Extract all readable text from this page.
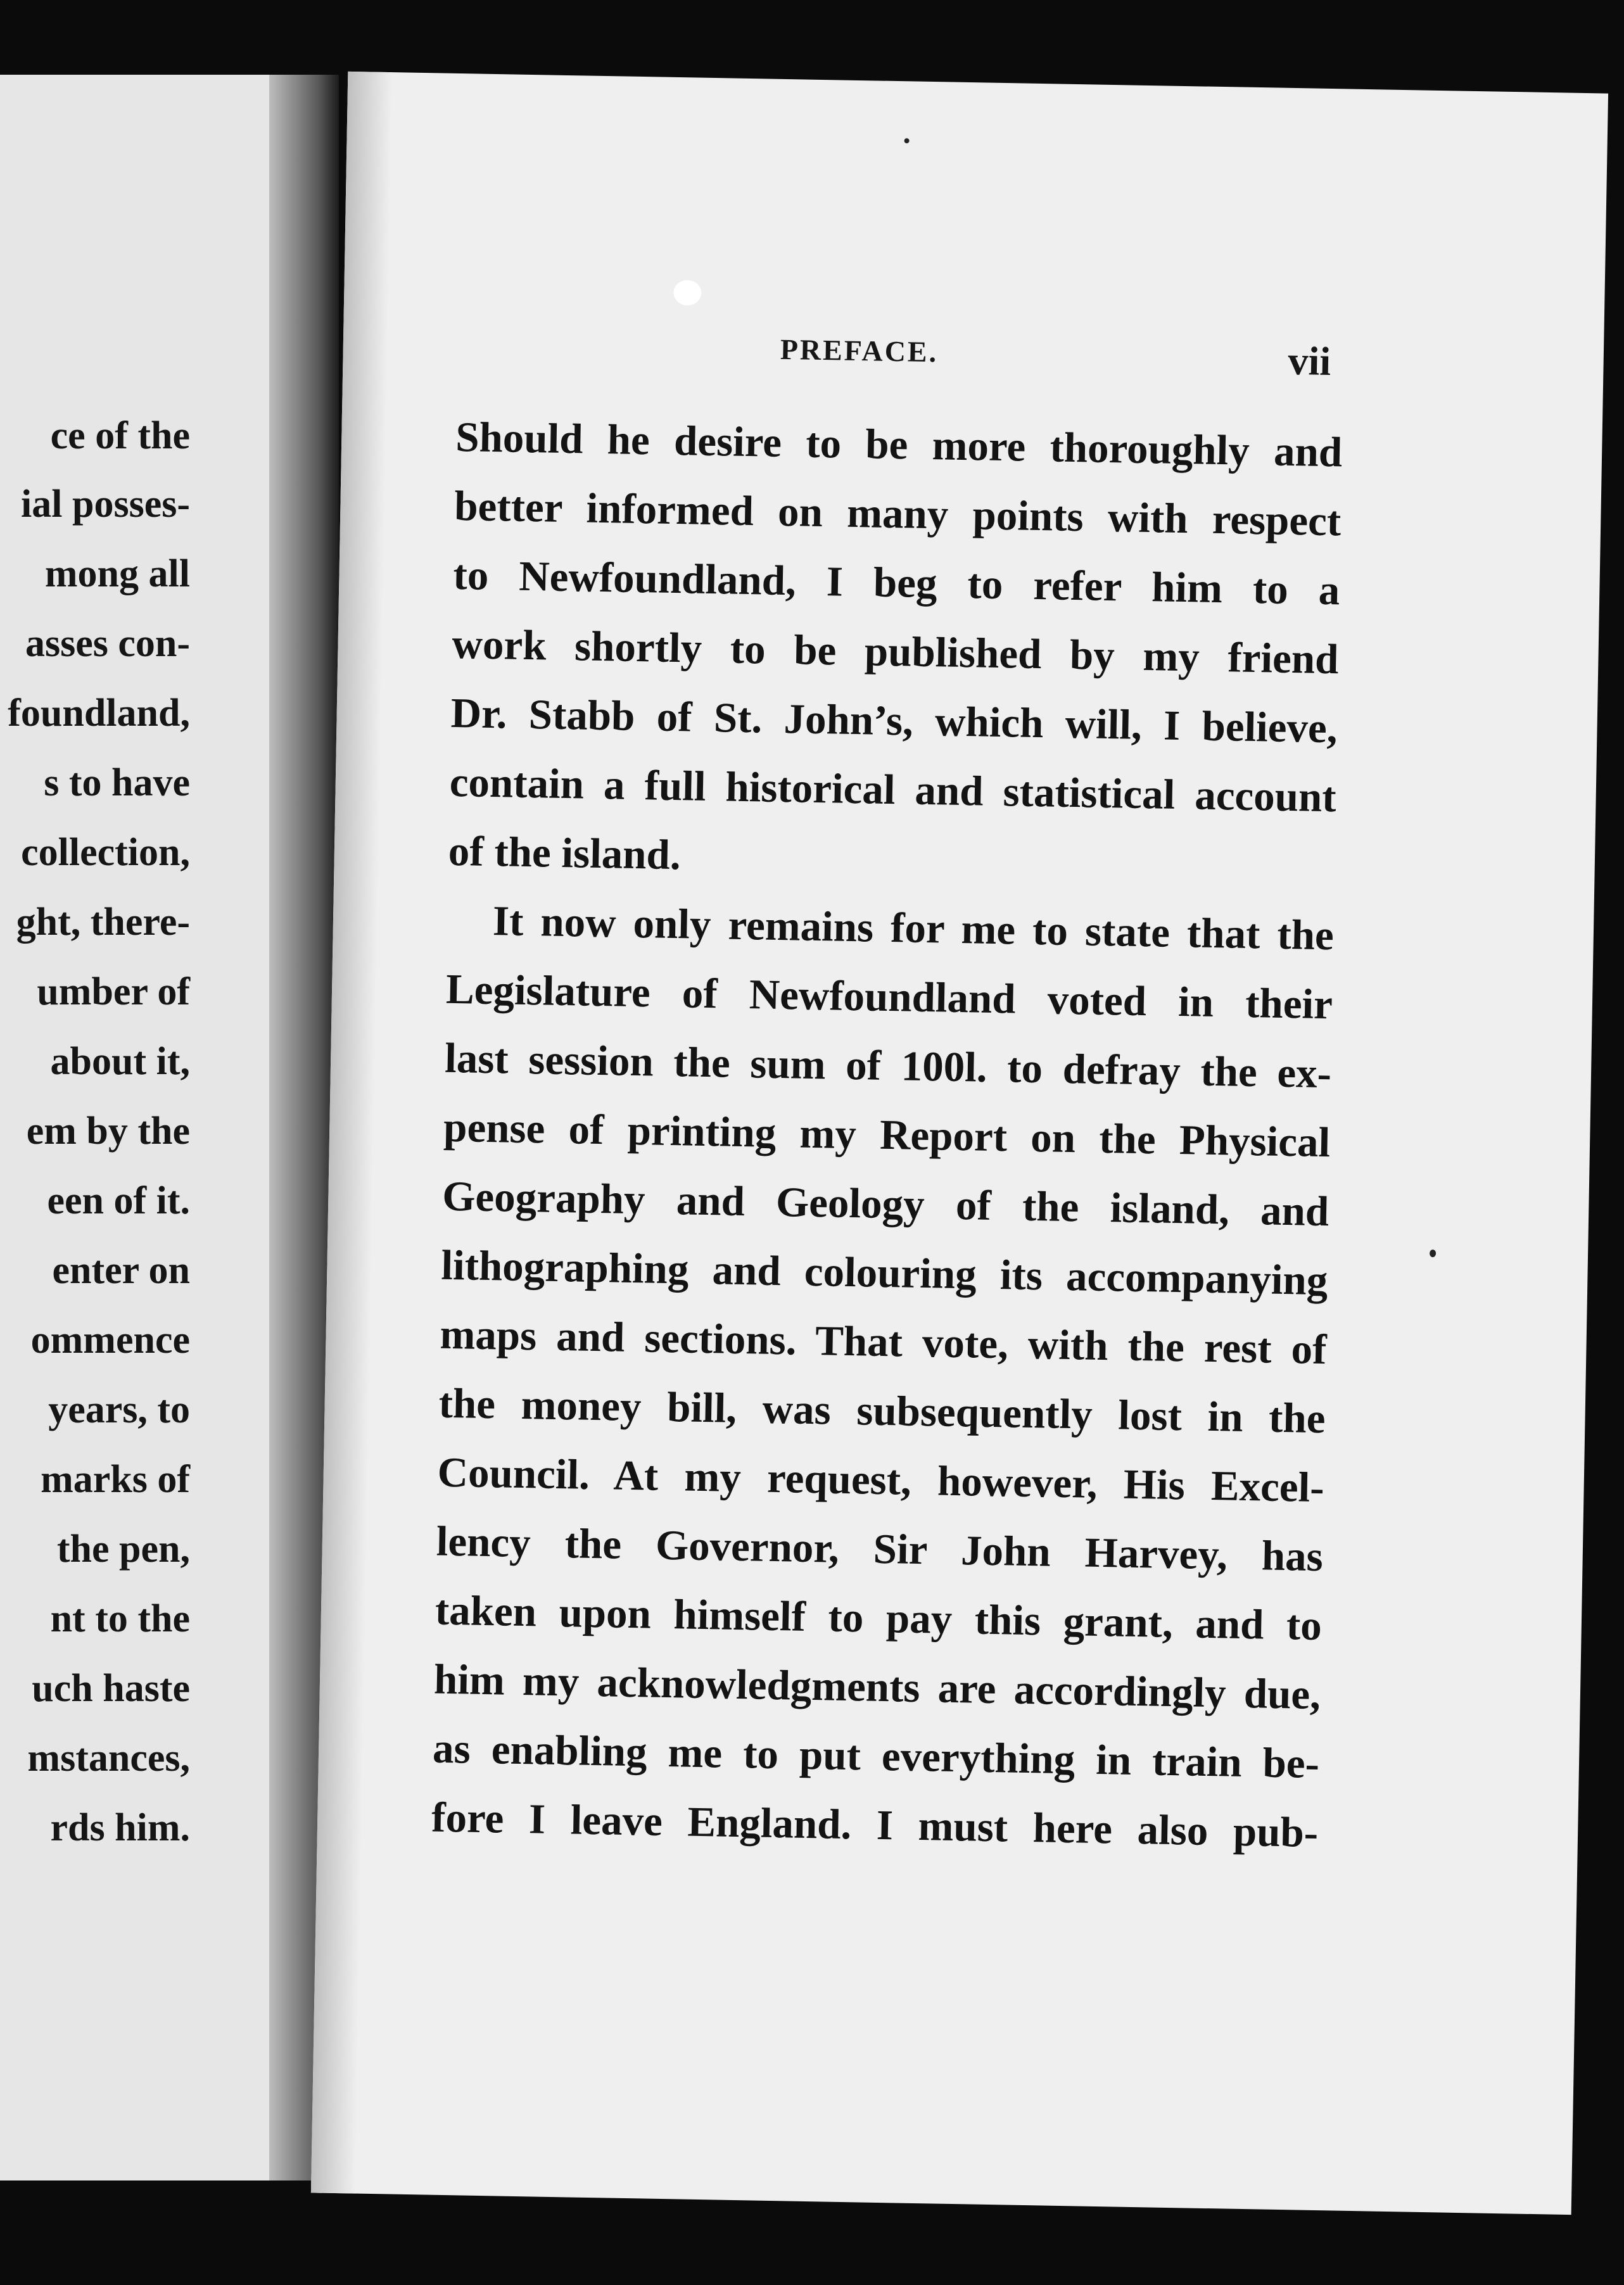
ce of the
ial posses-
mong all
asses con-
foundland,
s to have
collection,
ght, there-
umber of
about it,
em by the
een of it.
enter on
ommence
years, to
marks of
the pen,
nt to the
uch haste
mstances,
rds him.
PREFACE.	vii
Should he desire to be more thoroughly and
better informed on many points with respect
to Newfoundland, I beg to refer him to a
work shortly to be published by my friend
Dr. Stabb of St. John’s, which will, I believe,
contain a full historical and statistical account
of the island.
It now only remains for me to state that the
Legislature of Newfoundland voted in their
last session the sum of 100l. to defray the ex-
pense of printing my Report on the Physical
Geography and Geology of the island, and
lithographing and colouring its accompanying
maps and sections. That vote, with the rest of
the money bill, was subsequently lost in the
Council. At my request, however, His Excel-
lency the Governor, Sir John Harvey, has
taken upon himself to pay this grant, and to
him my acknowledgments are accordingly due,
as enabling me to put everything in train be-
fore I leave England. I must here also pub-
